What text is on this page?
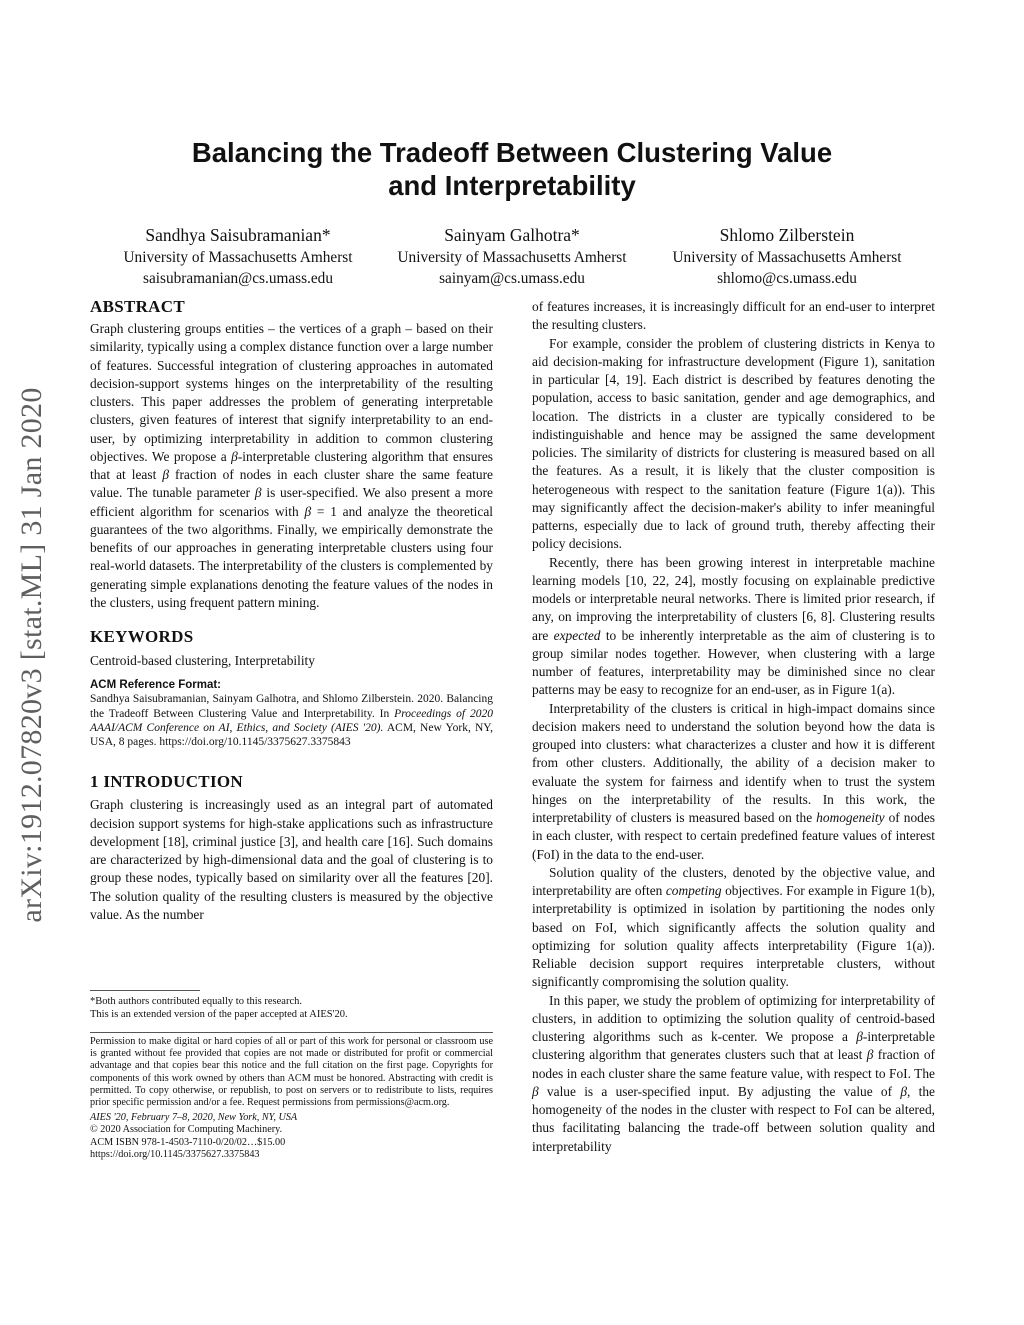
arXiv:1912.07820v3 [stat.ML] 31 Jan 2020
Balancing the Tradeoff Between Clustering Value
and Interpretability
Sandhya Saisubramanian*
University of Massachusetts Amherst
saisubramanian@cs.umass.edu
Sainyam Galhotra*
University of Massachusetts Amherst
sainyam@cs.umass.edu
Shlomo Zilberstein
University of Massachusetts Amherst
shlomo@cs.umass.edu
ABSTRACT

Graph clustering groups entities – the vertices of a graph – based on their similarity, typically using a complex distance function over a large number of features. Successful integration of clustering approaches in automated decision-support systems hinges on the interpretability of the resulting clusters. This paper addresses the problem of generating interpretable clusters, given features of interest that signify interpretability to an end-user, by optimizing interpretability in addition to common clustering objectives. We propose a β-interpretable clustering algorithm that ensures that at least β fraction of nodes in each cluster share the same feature value. The tunable parameter β is user-specified. We also present a more efficient algorithm for scenarios with β = 1 and analyze the theoretical guarantees of the two algorithms. Finally, we empirically demonstrate the benefits of our approaches in generating interpretable clusters using four real-world datasets. The interpretability of the clusters is complemented by generating simple explanations denoting the feature values of the nodes in the clusters, using frequent pattern mining.

KEYWORDS

Centroid-based clustering, Interpretability

ACM Reference Format:
Sandhya Saisubramanian, Sainyam Galhotra, and Shlomo Zilberstein. 2020. Balancing the Tradeoff Between Clustering Value and Interpretability. In Proceedings of 2020 AAAI/ACM Conference on AI, Ethics, and Society (AIES '20). ACM, New York, NY, USA, 8 pages. https://doi.org/10.1145/3375627.3375843
1 INTRODUCTION

Graph clustering is increasingly used as an integral part of automated decision support systems for high-stake applications such as infrastructure development [18], criminal justice [3], and health care [16]. Such domains are characterized by high-dimensional data and the goal of clustering is to group these nodes, typically based on similarity over all the features [20]. The solution quality of the resulting clusters is measured by the objective value. As the number

*Both authors contributed equally to this research.
This is an extended version of the paper accepted at AIES'20.
Permission to make digital or hard copies of all or part of this work for personal or classroom use is granted without fee provided that copies are not made or distributed for profit or commercial advantage and that copies bear this notice and the full citation on the first page. Copyrights for components of this work owned by others than ACM must be honored. Abstracting with credit is permitted. To copy otherwise, or republish, to post on servers or to redistribute to lists, requires prior specific permission and/or a fee. Request permissions from permissions@acm.org.
AIES '20, February 7–8, 2020, New York, NY, USA
© 2020 Association for Computing Machinery.
ACM ISBN 978-1-4503-7110-0/20/02…$15.00
https://doi.org/10.1145/3375627.3375843

of features increases, it is increasingly difficult for an end-user to interpret the resulting clusters.

For example, consider the problem of clustering districts in Kenya to aid decision-making for infrastructure development (Figure 1), sanitation in particular [4, 19]. Each district is described by features denoting the population, access to basic sanitation, gender and age demographics, and location. The districts in a cluster are typically considered to be indistinguishable and hence may be assigned the same development policies. The similarity of districts for clustering is measured based on all the features. As a result, it is likely that the cluster composition is heterogeneous with respect to the sanitation feature (Figure 1(a)). This may significantly affect the decision-maker's ability to infer meaningful patterns, especially due to lack of ground truth, thereby affecting their policy decisions.

Recently, there has been growing interest in interpretable machine learning models [10, 22, 24], mostly focusing on explainable predictive models or interpretable neural networks. There is limited prior research, if any, on improving the interpretability of clusters [6, 8]. Clustering results are expected to be inherently interpretable as the aim of clustering is to group similar nodes together. However, when clustering with a large number of features, interpretability may be diminished since no clear patterns may be easy to recognize for an end-user, as in Figure 1(a).

Interpretability of the clusters is critical in high-impact domains since decision makers need to understand the solution beyond how the data is grouped into clusters: what characterizes a cluster and how it is different from other clusters. Additionally, the ability of a decision maker to evaluate the system for fairness and identify when to trust the system hinges on the interpretability of the results. In this work, the interpretability of clusters is measured based on the homogeneity of nodes in each cluster, with respect to certain predefined feature values of interest (FoI) in the data to the end-user.

Solution quality of the clusters, denoted by the objective value, and interpretability are often competing objectives. For example in Figure 1(b), interpretability is optimized in isolation by partitioning the nodes only based on FoI, which significantly affects the solution quality and optimizing for solution quality affects interpretability (Figure 1(a)). Reliable decision support requires interpretable clusters, without significantly compromising the solution quality.

In this paper, we study the problem of optimizing for interpretability of clusters, in addition to optimizing the solution quality of centroid-based clustering algorithms such as k-center. We propose a β-interpretable clustering algorithm that generates clusters such that at least β fraction of nodes in each cluster share the same feature value, with respect to FoI. The β value is a user-specified input. By adjusting the value of β, the homogeneity of the nodes in the cluster with respect to FoI can be altered, thus facilitating balancing the trade-off between solution quality and interpretability
